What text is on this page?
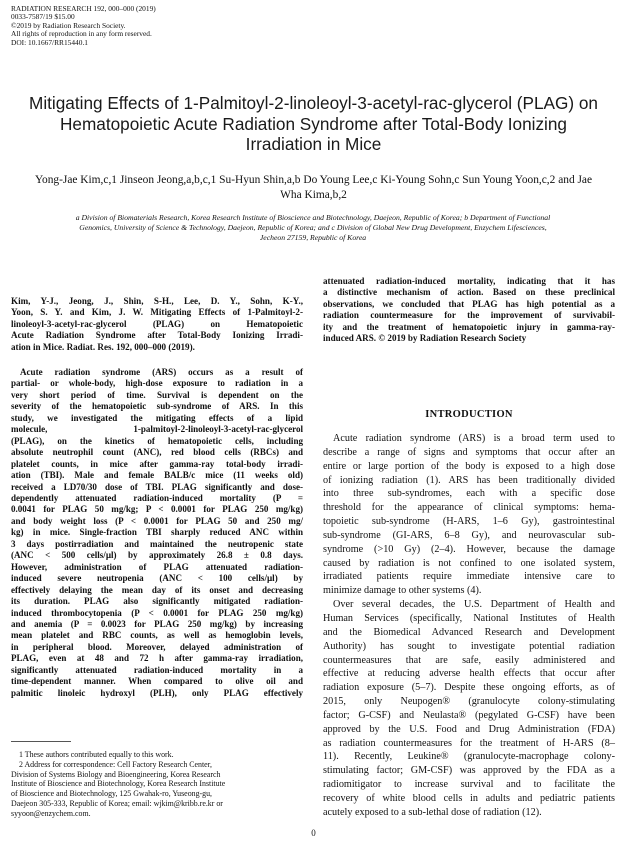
RADIATION RESEARCH 192, 000–000 (2019)
0033-7587/19 $15.00
©2019 by Radiation Research Society.
All rights of reproduction in any form reserved.
DOI: 10.1667/RR15440.1
Mitigating Effects of 1-Palmitoyl-2-linoleoyl-3-acetyl-rac-glycerol (PLAG) on
Hematopoietic Acute Radiation Syndrome after Total-Body Ionizing
Irradiation in Mice
Yong-Jae Kim,c,1 Jinseon Jeong,a,b,c,1 Su-Hyun Shin,a,b Do Young Lee,c Ki-Young Sohn,c Sun Young Yoon,c,2 and Jae
Wha Kima,b,2
a Division of Biomaterials Research, Korea Research Institute of Bioscience and Biotechnology, Daejeon, Republic of Korea; b Department of Functional
Genomics, University of Science & Technology, Daejeon, Republic of Korea; and c Division of Global New Drug Development, Enzychem Lifesciences,
Jecheon 27159, Republic of Korea
Kim, Y-J., Jeong, J., Shin, S-H., Lee, D. Y., Sohn, K-Y.,
Yoon, S. Y. and Kim, J. W. Mitigating Effects of 1-Palmitoyl-2-
linoleoyl-3-acetyl-rac-glycerol (PLAG) on Hematopoietic
Acute Radiation Syndrome after Total-Body Ionizing Irradi-
ation in Mice. Radiat. Res. 192, 000–000 (2019).
Acute radiation syndrome (ARS) occurs as a result of
partial- or whole-body, high-dose exposure to radiation in a
very short period of time. Survival is dependent on the
severity of the hematopoietic sub-syndrome of ARS. In this
study, we investigated the mitigating effects of a lipid
molecule, 1-palmitoyl-2-linoleoyl-3-acetyl-rac-glycerol
(PLAG), on the kinetics of hematopoietic cells, including
absolute neutrophil count (ANC), red blood cells (RBCs) and
platelet counts, in mice after gamma-ray total-body irradi-
ation (TBI). Male and female BALB/c mice (11 weeks old)
received a LD70/30 dose of TBI. PLAG significantly and dose-
dependently attenuated radiation-induced mortality (P =
0.0041 for PLAG 50 mg/kg; P < 0.0001 for PLAG 250 mg/kg)
and body weight loss (P < 0.0001 for PLAG 50 and 250 mg/
kg) in mice. Single-fraction TBI sharply reduced ANC within
3 days postirradiation and maintained the neutropenic state
(ANC < 500 cells/µl) by approximately 26.8 ± 0.8 days.
However, administration of PLAG attenuated radiation-
induced severe neutropenia (ANC < 100 cells/µl) by
effectively delaying the mean day of its onset and decreasing
its duration. PLAG also significantly mitigated radiation-
induced thrombocytopenia (P < 0.0001 for PLAG 250 mg/kg)
and anemia (P = 0.0023 for PLAG 250 mg/kg) by increasing
mean platelet and RBC counts, as well as hemoglobin levels,
in peripheral blood. Moreover, delayed administration of
PLAG, even at 48 and 72 h after gamma-ray irradiation,
significantly attenuated radiation-induced mortality in a
time-dependent manner. When compared to olive oil and
palmitic linoleic hydroxyl (PLH), only PLAG effectively
attenuated radiation-induced mortality, indicating that it has
a distinctive mechanism of action. Based on these preclinical
observations, we concluded that PLAG has high potential as a
radiation countermeasure for the improvement of survivabil-
ity and the treatment of hematopoietic injury in gamma-ray-
induced ARS. © 2019 by Radiation Research Society
1 These authors contributed equally to this work.
2 Address for correspondence: Cell Factory Research Center,
Division of Systems Biology and Bioengineering, Korea Research
Institute of Bioscience and Biotechnology, Korea Research Institute
of Bioscience and Biotechnology, 125 Gwahak-ro, Yuseong-gu,
Daejeon 305-333, Republic of Korea; email: wjkim@kribb.re.kr or
syyoon@enzychem.com.
INTRODUCTION
Acute radiation syndrome (ARS) is a broad term used to
describe a range of signs and symptoms that occur after an
entire or large portion of the body is exposed to a high dose
of ionizing radiation (1). ARS has been traditionally divided
into three sub-syndromes, each with a specific dose
threshold for the appearance of clinical symptoms: hema-
topoietic sub-syndrome (H-ARS, 1–6 Gy), gastrointestinal
sub-syndrome (GI-ARS, 6–8 Gy), and neurovascular sub-
syndrome (>10 Gy) (2–4). However, because the damage
caused by radiation is not confined to one isolated system,
irradiated patients require immediate intensive care to
minimize damage to other systems (4).
Over several decades, the U.S. Department of Health and
Human Services (specifically, National Institutes of Health
and the Biomedical Advanced Research and Development
Authority) has sought to investigate potential radiation
countermeasures that are safe, easily administered and
effective at reducing adverse health effects that occur after
radiation exposure (5–7). Despite these ongoing efforts, as of
2015, only Neupogen® (granulocyte colony-stimulating
factor; G-CSF) and Neulasta® (pegylated G-CSF) have been
approved by the U.S. Food and Drug Administration (FDA)
as radiation countermeasures for the treatment of H-ARS (8–
11). Recently, Leukine® (granulocyte-macrophage colony-
stimulating factor; GM-CSF) was approved by the FDA as a
radiomitigator to increase survival and to facilitate the
recovery of white blood cells in adults and pediatric patients
acutely exposed to a sub-lethal dose of radiation (12).
0
